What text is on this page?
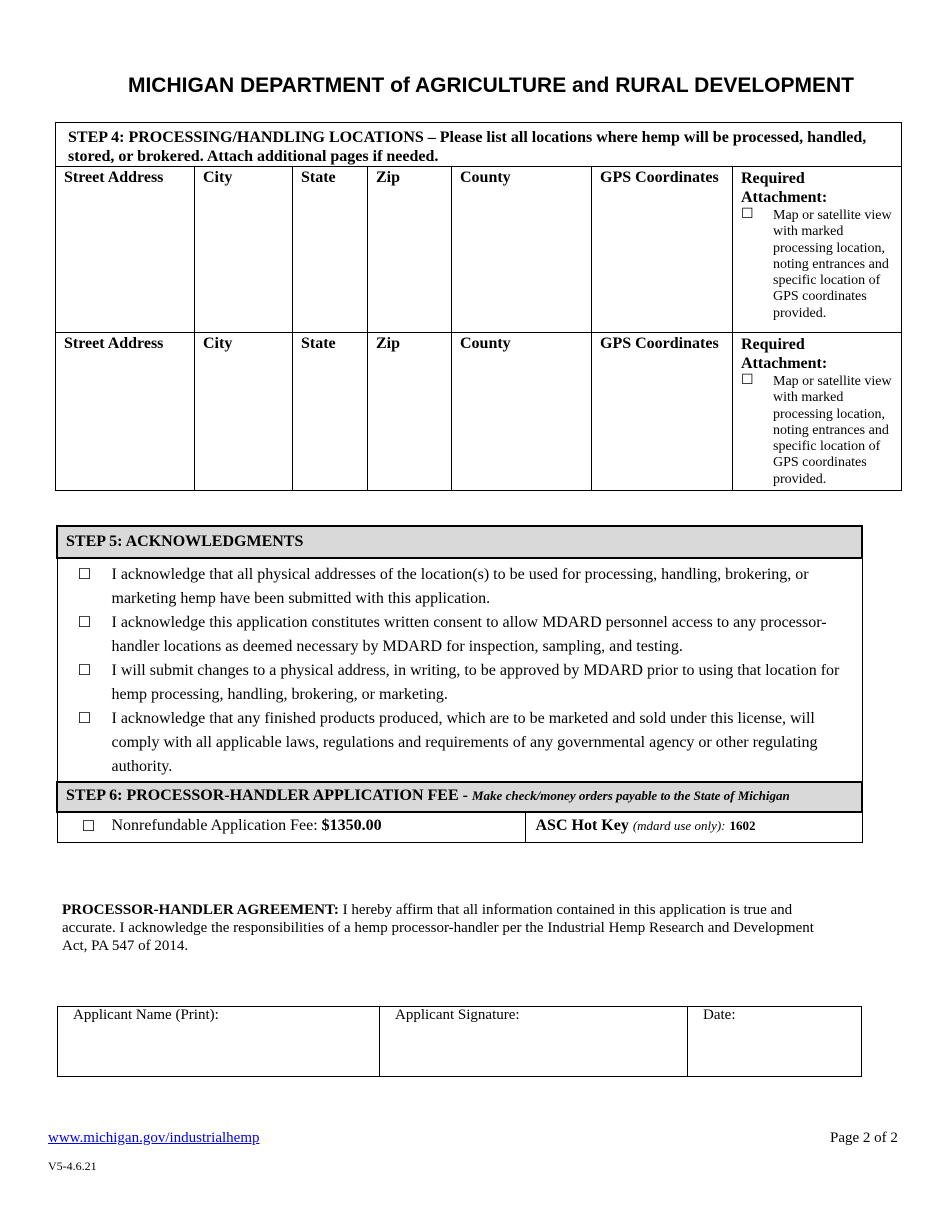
MICHIGAN DEPARTMENT of AGRICULTURE and RURAL DEVELOPMENT
STEP 4: PROCESSING/HANDLING LOCATIONS – Please list all locations where hemp will be processed, handled,
stored, or brokered. Attach additional pages if needed.						

Street Address	City	State	Zip	County	GPS Coordinates	Required
Attachment:
☐ Map or satellite view with marked processing location, noting entrances and specific location of GPS coordinates provided.

Street Address	City	State	Zip	County	GPS Coordinates	Required
Attachment:
☐ Map or satellite view with marked processing location, noting entrances and specific location of GPS coordinates provided.
STEP 5: ACKNOWLEDGMENTS

☐	I acknowledge that all physical addresses of the location(s) to be used for processing, handling, brokering, or marketing hemp have been submitted with this application.
☐	I acknowledge this application constitutes written consent to allow MDARD personnel access to any processor-handler locations as deemed necessary by MDARD for inspection, sampling, and testing.
☐	I will submit changes to a physical address, in writing, to be approved by MDARD prior to using that location for hemp processing, handling, brokering, or marketing.
☐	I acknowledge that any finished products produced, which are to be marketed and sold under this license, will comply with all applicable laws, regulations and requirements of any governmental agency or other regulating authority.

STEP 6: PROCESSOR-HANDLER APPLICATION FEE - Make check/money orders payable to the State of Michigan

☐	Nonrefundable Application Fee:
$1350.00	ASC Hot Key (mdard use only): 1602
PROCESSOR-HANDLER AGREEMENT: I hereby affirm that all information contained in this application is true and accurate. I acknowledge the responsibilities of a hemp processor-handler per the Industrial Hemp Research and Development Act, PA 547 of 2014.
Applicant Name (Print):	Applicant Signature:	Date:
www.michigan.gov/industrialhemp	Page 2 of 2
V5-4.6.21
